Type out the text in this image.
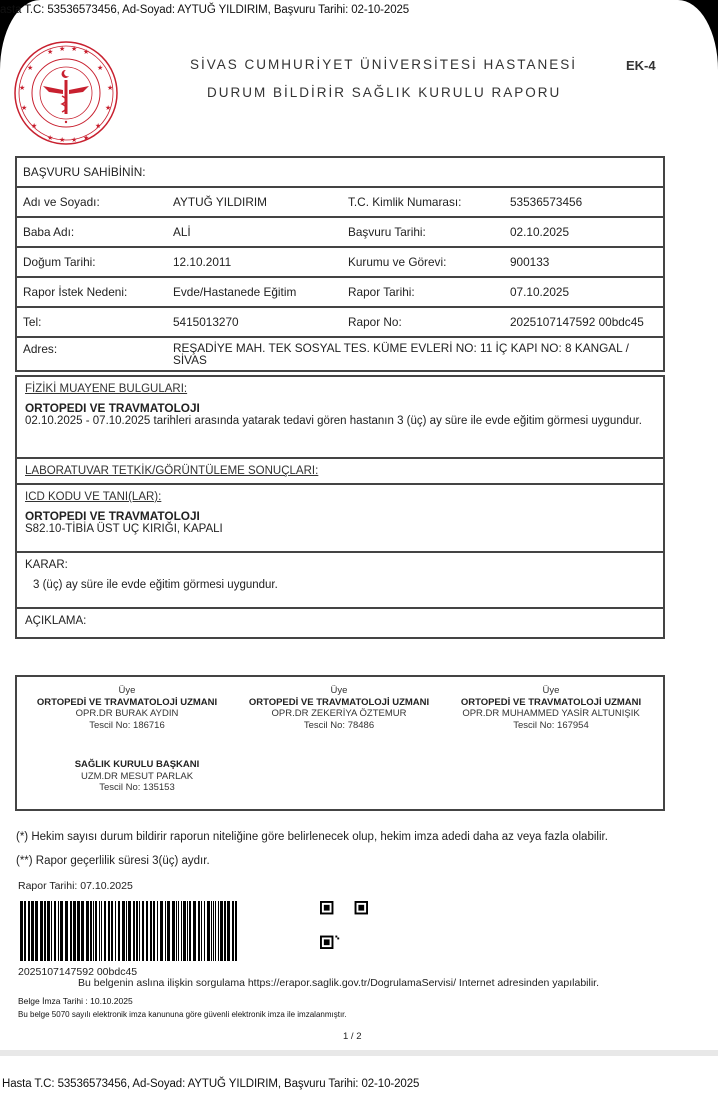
asta T.C: 53536573456, Ad-Soyad: AYTUĞ YILDIRIM, Başvuru Tarihi: 02-10-2025
★ ★ ★ ★
★	★
★	★
★	★
★	★
★ ★ ★ ★
SİVAS CUMHURİYET ÜNİVERSİTESİ HASTANESİ
DURUM BİLDİRİR SAĞLIK KURULU RAPORU
EK-4
BAŞVURU SAHİBİNİN:
Adı ve Soyadı:	AYTUĞ YILDIRIM	T.C. Kimlik Numarası:	53536573456
Baba Adı:	ALİ	Başvuru Tarihi:	02.10.2025
Doğum Tarihi:	12.10.2011	Kurumu ve Görevi:	900133
Rapor İstek Nedeni:	Evde/Hastanede Eğitim	Rapor Tarihi:	07.10.2025
Tel:	5415013270	Rapor No:	2025107147592 00bdc45
Adres:	REŞADİYE MAH. TEK SOSYAL TES. KÜME EVLERİ NO: 11 İÇ KAPI NO: 8 KANGAL / SİVAS
FİZİKİ MUAYENE BULGULARI:
ORTOPEDI VE TRAVMATOLOJI
02.10.2025 - 07.10.2025 tarihleri arasında yatarak tedavi gören hastanın 3 (üç) ay süre ile evde eğitim görmesi uygundur.
LABORATUVAR TETKİK/GÖRÜNTÜLEME SONUÇLARI:
ICD KODU VE TANI(LAR):
ORTOPEDI VE TRAVMATOLOJI
S82.10-TİBİA ÜST UÇ KIRIĞI, KAPALI
KARAR:
3 (üç) ay süre ile evde eğitim görmesi uygundur.
AÇIKLAMA:
Üye
ORTOPEDİ VE TRAVMATOLOJİ UZMANI
OPR.DR BURAK AYDIN
Tescil No: 186716
Üye
ORTOPEDİ VE TRAVMATOLOJİ UZMANI
OPR.DR ZEKERİYA ÖZTEMUR
Tescil No: 78486
Üye
ORTOPEDİ VE TRAVMATOLOJİ UZMANI
OPR.DR MUHAMMED YASİR ALTUNIŞIK
Tescil No: 167954
SAĞLIK KURULU BAŞKANI
UZM.DR MESUT PARLAK
Tescil No: 135153
(*) Hekim sayısı durum bildirir raporun niteliğine göre belirlenecek olup, hekim imza adedi daha az veya fazla olabilir.
(**) Rapor geçerlilik süresi 3(üç) aydır.
Rapor Tarihi: 07.10.2025
2025107147592 00bdc45
Bu belgenin aslına ilişkin sorgulama https://erapor.saglik.gov.tr/DogrulamaServisi/ Internet adresinden yapılabilir.
Belge İmza Tarihi : 10.10.2025
Bu belge 5070 sayılı elektronik imza kanununa göre güvenli elektronik imza ile imzalanmıştır.
1 / 2
Hasta T.C: 53536573456, Ad-Soyad: AYTUĞ YILDIRIM, Başvuru Tarihi: 02-10-2025
